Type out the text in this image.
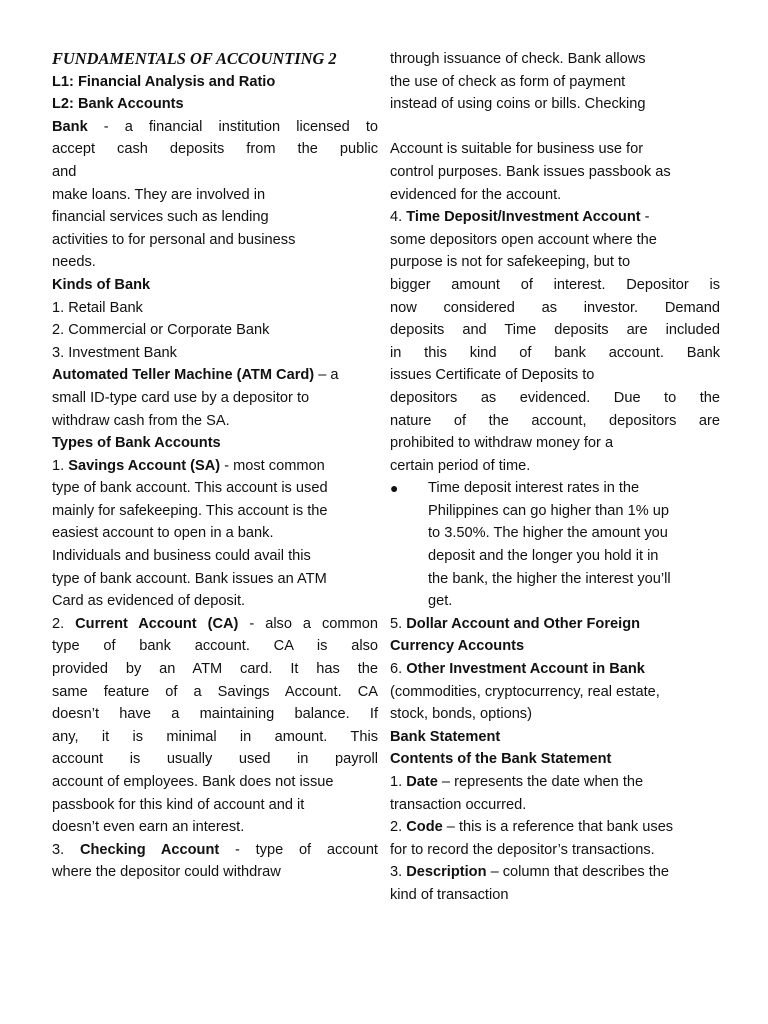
FUNDAMENTALS OF ACCOUNTING 2
L1: Financial Analysis and Ratio
L2: Bank Accounts
Bank - a financial institution licensed to
accept cash deposits from the public
and
make loans. They are involved in
financial services such as lending
activities to for personal and business
needs.
Kinds of Bank
1. Retail Bank
2. Commercial or Corporate Bank
3. Investment Bank
Automated Teller Machine (ATM Card) – a
small ID-type card use by a depositor to
withdraw cash from the SA.
Types of Bank Accounts
1. Savings Account (SA) - most common
type of bank account. This account is used
mainly for safekeeping. This account is the
easiest account to open in a bank.
Individuals and business could avail this
type of bank account. Bank issues an ATM
Card as evidenced of deposit.
2. Current Account (CA) - also a common
type of bank account. CA is also
provided by an ATM card. It has the
same feature of a Savings Account. CA
doesn’t have a maintaining balance. If
any, it is minimal in amount. This
account is usually used in payroll
account of employees. Bank does not issue
passbook for this kind of account and it
doesn’t even earn an interest.
3. Checking Account - type of account
where the depositor could withdraw
through issuance of check. Bank allows
the use of check as form of payment
instead of using coins or bills. Checking
Account is suitable for business use for
control purposes. Bank issues passbook as
evidenced for the account.
4. Time Deposit/Investment Account -
some depositors open account where the
purpose is not for safekeeping, but to
bigger amount of interest. Depositor is
now considered as investor. Demand
deposits and Time deposits are included
in this kind of bank account. Bank
issues Certificate of Deposits to
depositors as evidenced. Due to the
nature of the account, depositors are
prohibited to withdraw money for a
certain period of time.
●	Time deposit interest rates in the
Philippines can go higher than 1% up
to 3.50%. The higher the amount you
deposit and the longer you hold it in
the bank, the higher the interest you’ll
get.
5. Dollar Account and Other Foreign
Currency Accounts
6. Other Investment Account in Bank
(commodities, cryptocurrency, real estate,
stock, bonds, options)
Bank Statement
Contents of the Bank Statement
1. Date – represents the date when the
transaction occurred.
2. Code – this is a reference that bank uses
for to record the depositor’s transactions.
3. Description – column that describes the
kind of transaction
